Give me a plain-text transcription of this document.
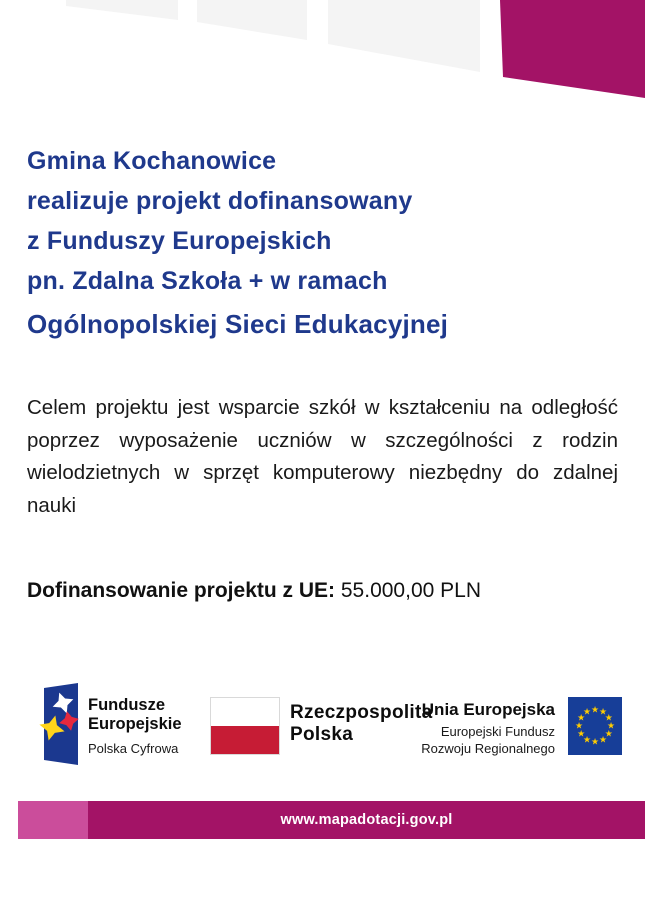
Gmina Kochanowice
realizuje projekt dofinansowany
z Funduszy Europejskich
pn. Zdalna Szkoła + w ramach
Ogólnopolskiej Sieci Edukacyjnej
Celem projektu jest wsparcie szkół w kształceniu na odległość
poprzez wyposażenie uczniów w szczególności z rodzin
wielodzietnych w sprzęt komputerowy niezbędny do zdalnej
nauki
Dofinansowanie projektu z UE: 55.000,00 PLN
Fundusze
Europejskie
Polska Cyfrowa
Rzeczpospolita
Polska
Unia Europejska
Europejski Fundusz
Rozwoju Regionalnego
★ ★
★
★
★
★
★
★
★
★
★
★
www.mapadotacji.gov.pl
